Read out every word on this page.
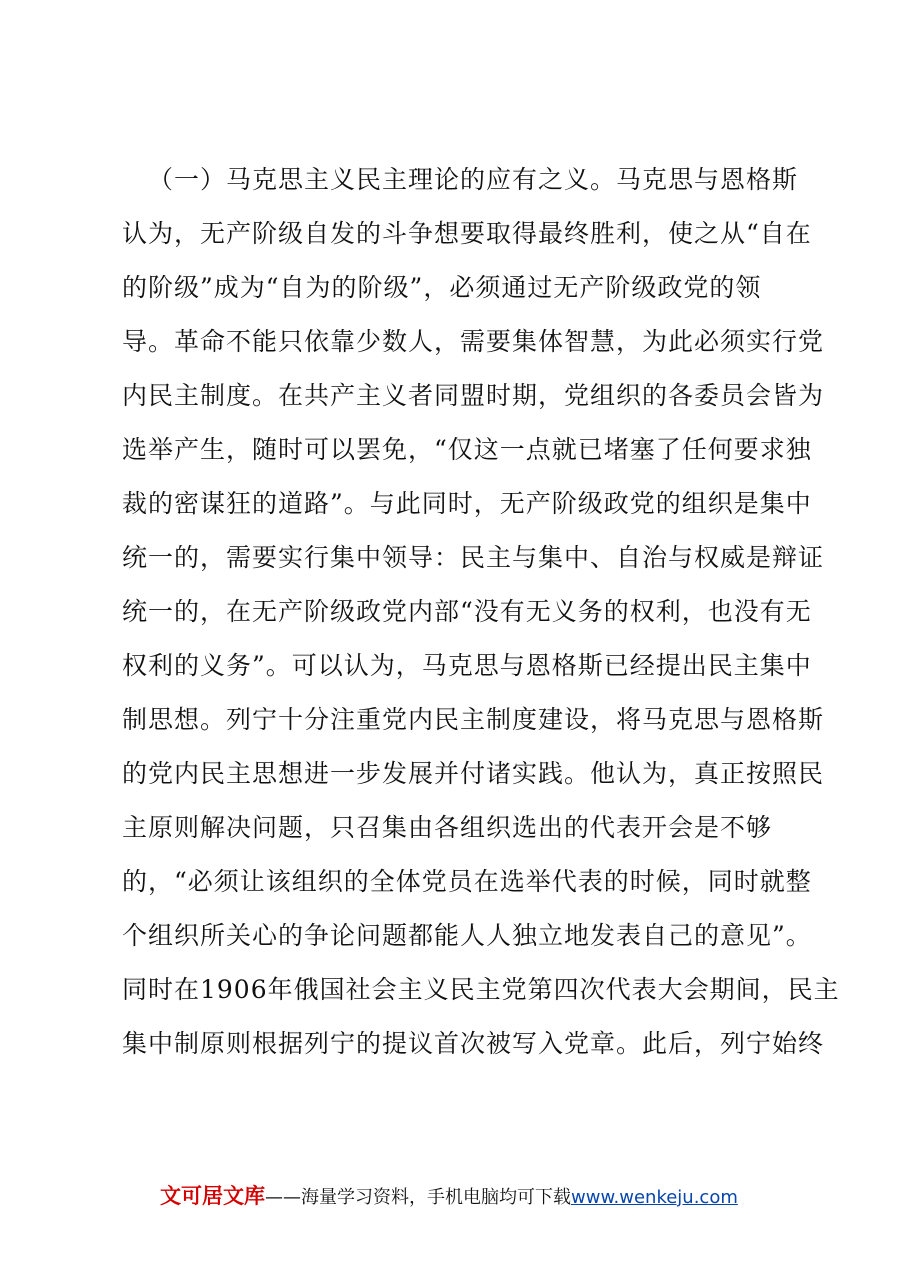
（一）马克思主义民主理论的应有之义。马克思与恩格斯
认为，无产阶级自发的斗争想要取得最终胜利，使之从“自在
的阶级”成为“自为的阶级”，必须通过无产阶级政党的领
导。革命不能只依靠少数人，需要集体智慧，为此必须实行党
内民主制度。在共产主义者同盟时期，党组织的各委员会皆为
选举产生，随时可以罢免，“仅这一点就已堵塞了任何要求独
裁的密谋狂的道路”。与此同时，无产阶级政党的组织是集中
统一的，需要实行集中领导：民主与集中、自治与权威是辩证
统一的，在无产阶级政党内部“没有无义务的权利，也没有无
权利的义务”。可以认为，马克思与恩格斯已经提出民主集中
制思想。列宁十分注重党内民主制度建设，将马克思与恩格斯
的党内民主思想进一步发展并付诸实践。他认为，真正按照民
主原则解决问题，只召集由各组织选出的代表开会是不够
的，“必须让该组织的全体党员在选举代表的时候，同时就整
个组织所关心的争论问题都能人人独立地发表自己的意见”。
同时在1906年俄国社会主义民主党第四次代表大会期间，民主
集中制原则根据列宁的提议首次被写入党章。此后，列宁始终
文可居文库——海量学习资料，手机电脑均可下载www.wenkeju.com
